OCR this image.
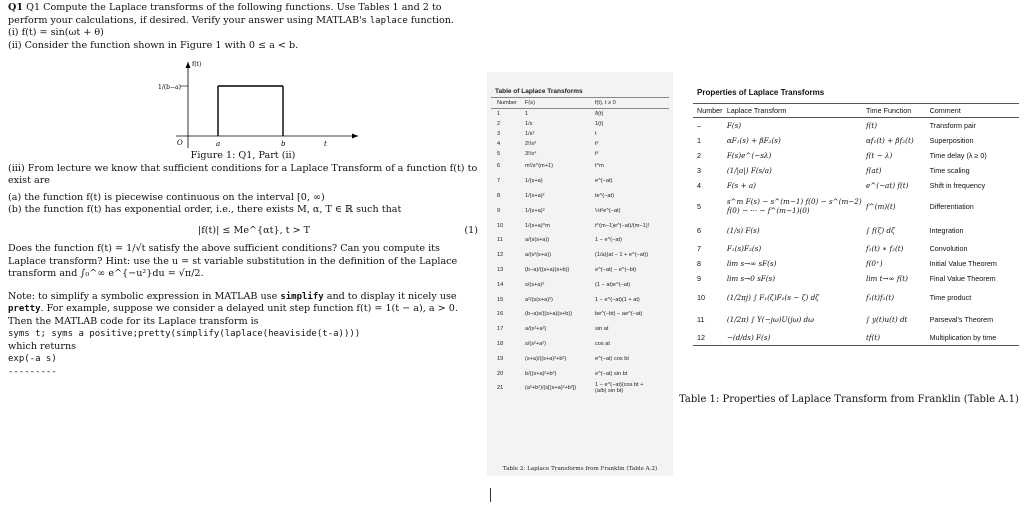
Q1 Q1 Compute the Laplace transforms of the following functions. Use Tables 1 and 2 to perform your calculations, if desired. Verify your answer using MATLAB's laplace function.

(i) f(t) = sin(ωt + θ)

(ii) Consider the function shown in Figure 1 with 0 ≤ a < b.

f(t)
1/(b−a)
O	a	b	t

Figure 1: Q1, Part (ii)

(iii) From lecture we know that sufficient conditions for a Laplace Transform of a function f(t) to exist are

(a) the function f(t) is piecewise continuous on the interval [0, ∞)

(b) the function f(t) has exponential order, i.e., there exists M, α, T ∈ ℝ such that

|f(t)| ≤ Me^{αt}, t > T	(1)

Does the function f(t) = 1/√t satisfy the above sufficient conditions? Can you compute its Laplace transform? Hint: use the u = st variable substitution in the definition of the Laplace transform and ∫₀^∞ e^{−u²}du = √π/2.

Note: to simplify a symbolic expression in MATLAB use simplify and to display it nicely use pretty. For example, suppose we consider a delayed unit step function f(t) = 1(t − a), a > 0. Then the MATLAB code for its Laplace transform is

syms t; syms a positive;pretty(simplify(laplace(heaviside(t-a))))

which returns

exp(-a s)

---------

Table of Laplace Transforms
Number	F(s)	f(t), t ≥ 0
1	1	δ(t)
2	1/s	1(t)
3	1/s²	t
4	2!/s³	t²
5	3!/s⁴	t³
6	m!/s^(m+1)	t^m
7	1/(s+a)	e^(−at)
8	1/(s+a)²	te^(−at)
9	1/(s+a)³	½t²e^(−at)
10	1/(s+a)^m	t^(m−1)e^(−at)/(m−1)!
11	a/(s(s+a))	1 − e^(−at)
12	a/(s²(s+a))	(1/a)(at − 1 + e^(−at))
13	(b−a)/((s+a)(s+b))	e^(−at) − e^(−bt)
14	s/(s+a)²	(1 − at)e^(−at)
15	a²/(s(s+a)²)	1 − e^(−at)(1 + at)
16	(b−a)s/((s+a)(s+b))	be^(−bt) − ae^(−at)
17	a/(s²+a²)	sin at
18	s/(s²+a²)	cos at
19	(s+a)/((s+a)²+b²)	e^(−at) cos bt
20	b/((s+a)²+b²)	e^(−at) sin bt
21	(a²+b²)/(s[(s+a)²+b²])	1 − e^(−at)(cos bt + (a/b) sin bt)
Table 2: Laplace Transforms from Franklin (Table A.2)
Properties of Laplace Transforms
Number Laplace Transform	Time Function	Comment
–	F(s)	f(t)	Transform pair
1	αF₁(s) + βF₂(s)	αf₁(t) + βf₂(t)	Superposition
2	F(s)e^(−sλ)	f(t − λ)	Time delay (λ ≥ 0)
3	(1/|a|) F(s/a)	f(at)	Time scaling
4	F(s + a)	e^(−at) f(t)	Shift in frequency
5	s^m F(s) − s^(m−1) f(0) − s^(m−2) ḟ(0) − ··· − f^(m−1)(0)	f^(m)(t)	Differentiation
6	(1/s) F(s)	∫ f(ζ) dζ	Integration
7	F₁(s)F₂(s)	f₁(t) ∗ f₂(t)	Convolution
8	lim s→∞ sF(s)	f(0⁺)	Initial Value Theorem
9	lim s→0 sF(s)	lim t→∞ f(t)	Final Value Theorem
10	(1/2πj) ∫ F₁(ζ)F₂(s − ζ) dζ	f₁(t)f₂(t)	Time product
11	(1/2π) ∫ Y(−jω)U(jω) dω	∫ y(t)u(t) dt	Parseval's Theorem
12	−(d/ds) F(s)	tf(t)	Multiplication by time
Table 1: Properties of Laplace Transform from Franklin (Table A.1)
